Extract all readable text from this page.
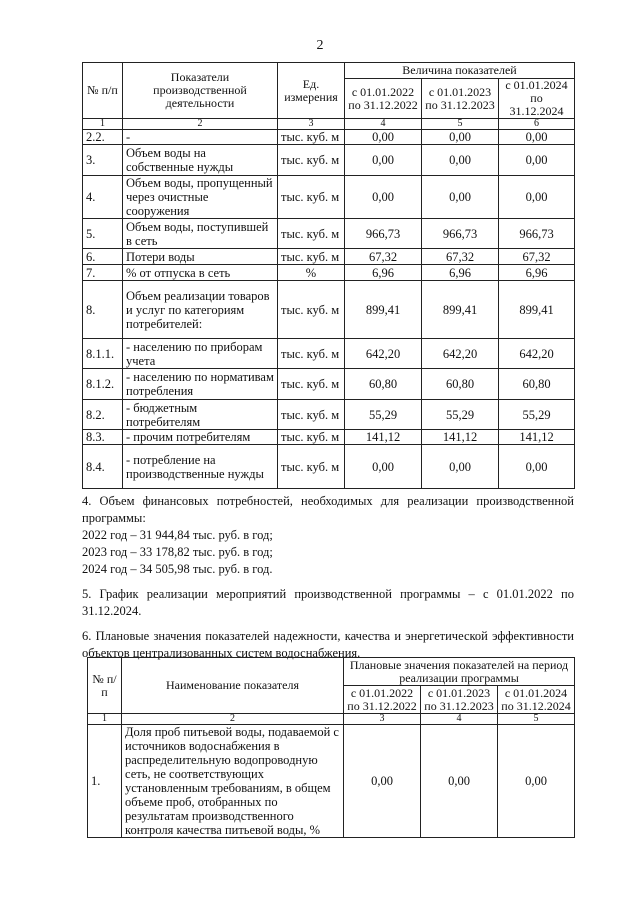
2
№ п/п	Показатели производственной деятельности	Ед. измерения	Величина показателей		
			с 01.01.2022 по 31.12.2022	с 01.01.2023 по 31.12.2023	с 01.01.2024 по 31.12.2024
1	2	3	4	5	6
2.2.	-	тыс. куб. м	0,00	0,00	0,00
3.	Объем воды на собственные нужды	тыс. куб. м	0,00	0,00	0,00
4.	Объем воды, пропущенный через очистные сооружения	тыс. куб. м	0,00	0,00	0,00
5.	Объем воды, поступившей в сеть	тыс. куб. м	966,73	966,73	966,73
6.	Потери воды	тыс. куб. м	67,32	67,32	67,32
7.	% от отпуска в сеть	%	6,96	6,96	6,96
8.	Объем реализации товаров и услуг по категориям потребителей:	тыс. куб. м	899,41	899,41	899,41
8.1.1.	- населению по приборам учета	тыс. куб. м	642,20	642,20	642,20
8.1.2.	- населению по нормативам потребления	тыс. куб. м	60,80	60,80	60,80
8.2.	- бюджетным потребителям	тыс. куб. м	55,29	55,29	55,29
8.3.	- прочим потребителям	тыс. куб. м	141,12	141,12	141,12
8.4.	- потребление на производственные нужды	тыс. куб. м	0,00	0,00	0,00

4. Объем финансовых потребностей, необходимых для реализации производственной программы:

2022 год – 31 944,84 тыс. руб. в год;

2023 год – 33 178,82 тыс. руб. в год;

2024 год – 34 505,98 тыс. руб. в год.

5. График реализации мероприятий производственной программы – с 01.01.2022 по 31.12.2024.

6. Плановые значения показателей надежности, качества и энергетической эффективности объектов централизованных систем водоснабжения.

№ п/п	Наименование показателя	Плановые значения показателей на период реализации программы		
		с 01.01.2022 по 31.12.2022	с 01.01.2023 по 31.12.2023	с 01.01.2024 по 31.12.2024
1	2	3	4	5
1.	Доля проб питьевой воды, подаваемой с источников водоснабжения в распределительную водопроводную сеть, не соответствующих установленным требованиям, в общем объеме проб, отобранных по результатам производственного контроля качества питьевой воды, %	0,00	0,00	0,00
